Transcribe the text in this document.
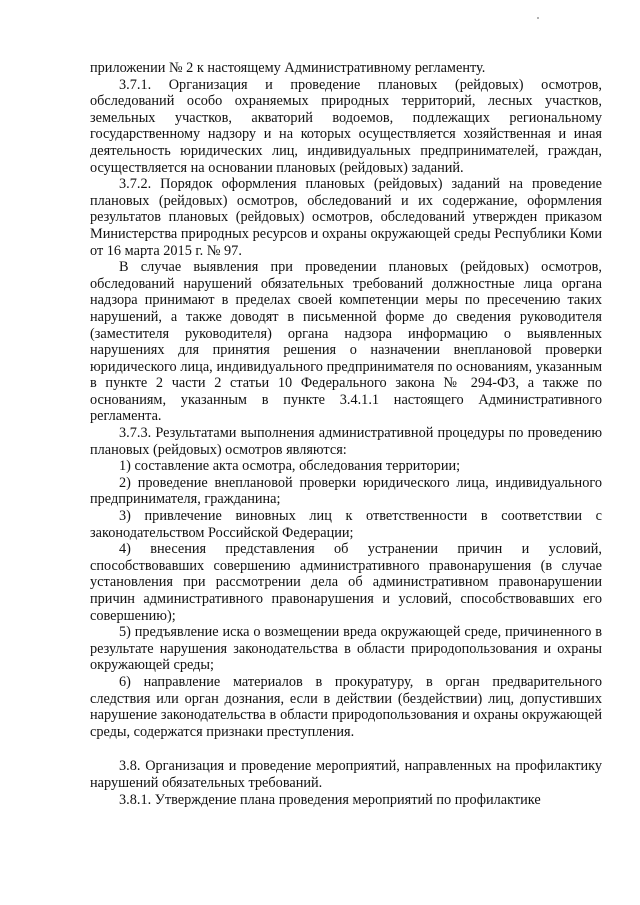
приложении № 2 к настоящему Административному регламенту.

3.7.1. Организация и проведение плановых (рейдовых) осмотров, обследований особо охраняемых природных территорий, лесных участков, земельных участков, акваторий водоемов, подлежащих региональному государственному надзору и на которых осуществляется хозяйственная и иная деятельность юридических лиц, индивидуальных предпринимателей, граждан, осуществляется на основании плановых (рейдовых) заданий.

3.7.2. Порядок оформления плановых (рейдовых) заданий на проведение плановых (рейдовых) осмотров, обследований и их содержание, оформления результатов плановых (рейдовых) осмотров, обследований утвержден приказом Министерства природных ресурсов и охраны окружающей среды Республики Коми от 16 марта 2015 г. № 97.

В случае выявления при проведении плановых (рейдовых) осмотров, обследований нарушений обязательных требований должностные лица органа надзора принимают в пределах своей компетенции меры по пресечению таких нарушений, а также доводят в письменной форме до сведения руководителя (заместителя руководителя) органа надзора информацию о выявленных нарушениях для принятия решения о назначении внеплановой проверки юридического лица, индивидуального предпринимателя по основаниям, указанным в пункте 2 части 2 статьи 10 Федерального закона № 294-ФЗ, а также по основаниям, указанным в пункте 3.4.1.1 настоящего Административного регламента.

3.7.3. Результатами выполнения административной процедуры по проведению плановых (рейдовых) осмотров являются:

1) составление акта осмотра, обследования территории;

2) проведение внеплановой проверки юридического лица, индивидуального предпринимателя, гражданина;

3) привлечение виновных лиц к ответственности в соответствии с законодательством Российской Федерации;

4) внесения представления об устранении причин и условий, способствовавших совершению административного правонарушения (в случае установления при рассмотрении дела об административном правонарушении причин административного правонарушения и условий, способствовавших его совершению);

5) предъявление иска о возмещении вреда окружающей среде, причиненного в результате нарушения законодательства в области природопользования и охраны окружающей среды;

6) направление материалов в прокуратуру, в орган предварительного следствия или орган дознания, если в действии (бездействии) лиц, допустивших нарушение законодательства в области природопользования и охраны окружающей среды, содержатся признаки преступления.

3.8. Организация и проведение мероприятий, направленных на профилактику нарушений обязательных требований.

3.8.1. Утверждение плана проведения мероприятий по профилактике
